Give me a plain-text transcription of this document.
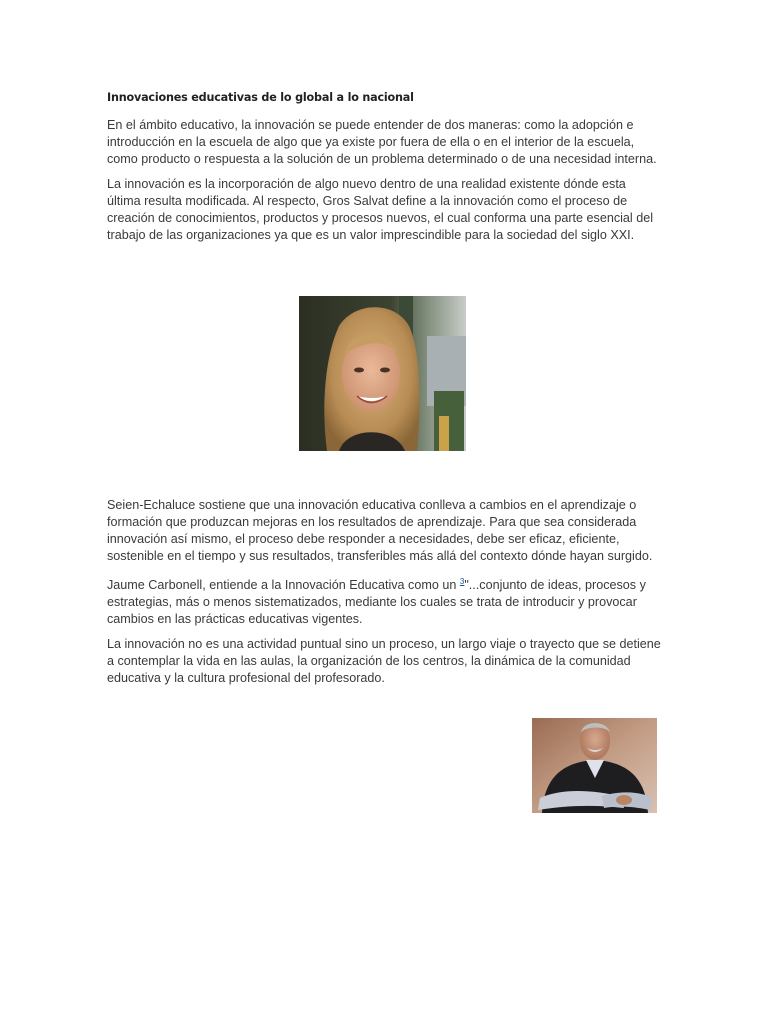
Innovaciones educativas de lo global a lo nacional

En el ámbito educativo, la innovación se puede entender de dos maneras: como la adopción e introducción en la escuela de algo que ya existe por fuera de ella o en el interior de la escuela, como producto o respuesta a la solución de un problema determinado o de una necesidad interna.

La innovación es la incorporación de algo nuevo dentro de una realidad existente dónde esta última resulta modificada. Al respecto, Gros Salvat define a la innovación como el proceso de creación de conocimientos, productos y procesos nuevos, el cual conforma una parte esencial del trabajo de las organizaciones ya que es un valor imprescindible para la sociedad del siglo XXI.

Seien-Echaluce sostiene que una innovación educativa conlleva a cambios en el aprendizaje o formación que produzcan mejoras en los resultados de aprendizaje. Para que sea considerada innovación así mismo, el proceso debe responder a necesidades, debe ser eficaz, eficiente, sostenible en el tiempo y sus resultados, transferibles más allá del contexto dónde hayan surgido.

Jaume Carbonell, entiende a la Innovación Educativa como un $^3$"...conjunto de ideas, procesos y estrategias, más o menos sistematizados, mediante los cuales se trata de introducir y provocar cambios en las prácticas educativas vigentes.

La innovación no es una actividad puntual sino un proceso, un largo viaje o trayecto que se detiene a contemplar la vida en las aulas, la organización de los centros, la dinámica de la comunidad educativa y la cultura profesional del profesorado.
